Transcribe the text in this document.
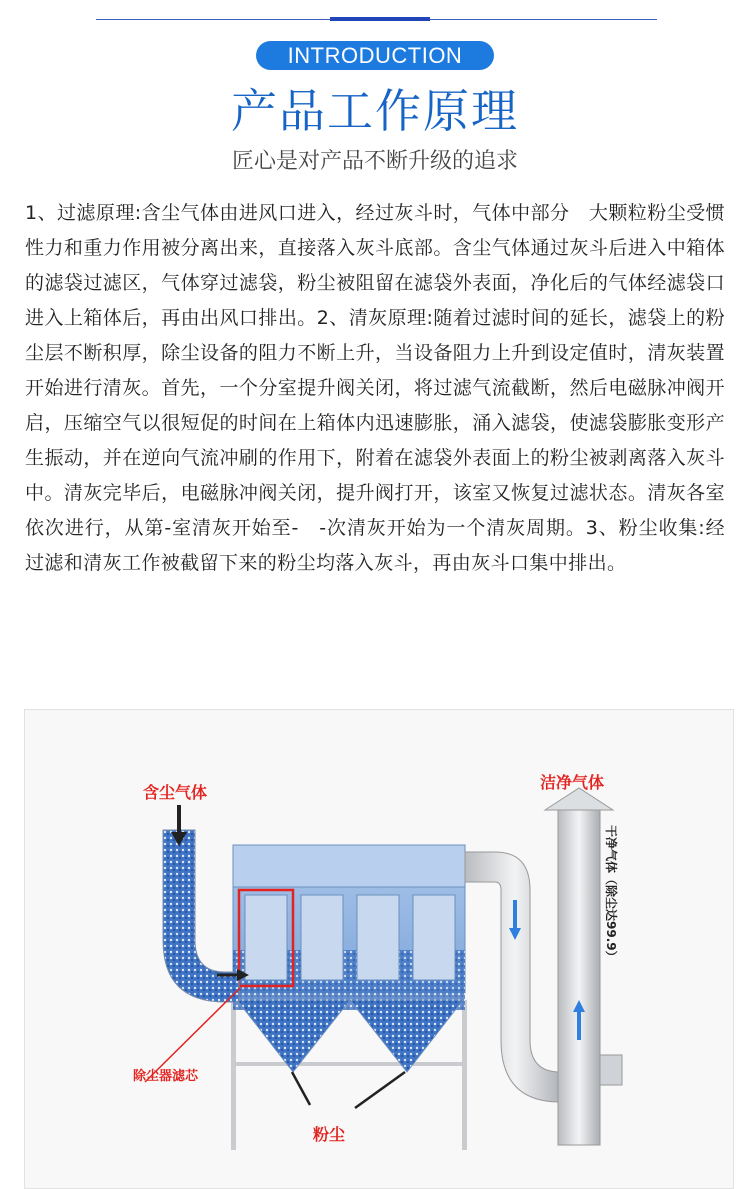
INTRODUCTION
产品工作原理
匠心是对产品不断升级的追求
1、过滤原理:含尘气体由进风口进入，经过灰斗时，气体中部分　大颗粒粉尘受惯性力和重力作用被分离出来，直接落入灰斗底部。含尘气体通过灰斗后进入中箱体的滤袋过滤区，气体穿过滤袋，粉尘被阻留在滤袋外表面，净化后的气体经滤袋口进入上箱体后，再由出风口排出。2、清灰原理:随着过滤时间的延长，滤袋上的粉尘层不断积厚，除尘设备的阻力不断上升，当设备阻力上升到设定值时，清灰装置开始进行清灰。首先，一个分室提升阀关闭，将过滤气流截断，然后电磁脉冲阀开启，压缩空气以很短促的时间在上箱体内迅速膨胀，涌入滤袋，使滤袋膨胀变形产生振动，并在逆向气流冲刷的作用下，附着在滤袋外表面上的粉尘被剥离落入灰斗中。清灰完毕后，电磁脉冲阀关闭，提升阀打开，该室又恢复过滤状态。清灰各室依次进行，从第-室清灰开始至-　-次清灰开始为一个清灰周期。3、粉尘收集:经过滤和清灰工作被截留下来的粉尘均落入灰斗，再由灰斗口集中排出。
含尘气体
洁净气体
除尘器滤芯
粉尘
干净气体（除尘达99.9）
